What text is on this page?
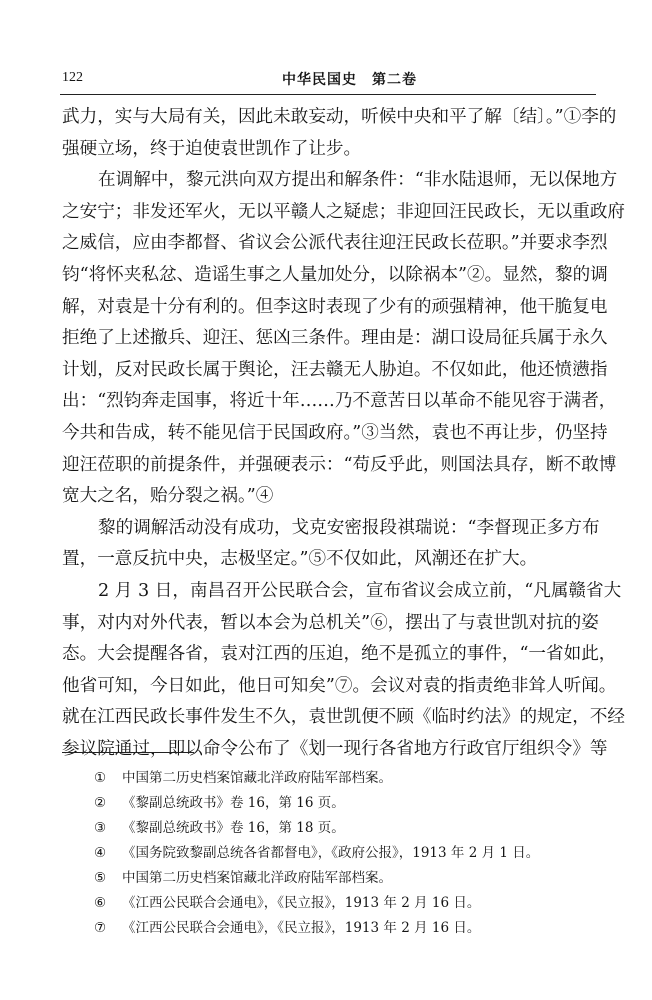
122	中华民国史　第二卷
武力，实与大局有关，因此未敢妄动，听候中央和平了解〔结〕。”①李的
强硬立场，终于迫使袁世凯作了让步。
在调解中，黎元洪向双方提出和解条件：“非水陆退师，无以保地方
之安宁；非发还军火，无以平赣人之疑虑；非迎回汪民政长，无以重政府
之威信，应由李都督、省议会公派代表往迎汪民政长莅职。”并要求李烈
钧“将怀夹私忿、造谣生事之人量加处分，以除祸本”②。显然，黎的调
解，对袁是十分有利的。但李这时表现了少有的顽强精神，他干脆复电
拒绝了上述撤兵、迎汪、惩凶三条件。理由是：湖口设局征兵属于永久
计划，反对民政长属于舆论，汪去赣无人胁迫。不仅如此，他还愤懑指
出：“烈钧奔走国事，将近十年……乃不意苦日以革命不能见容于满者，
今共和告成，转不能见信于民国政府。”③当然，袁也不再让步，仍坚持
迎汪莅职的前提条件，并强硬表示：“苟反乎此，则国法具存，断不敢博
宽大之名，贻分裂之祸。”④
黎的调解活动没有成功，戈克安密报段祺瑞说：“李督现正多方布
置，一意反抗中央，志极坚定。”⑤不仅如此，风潮还在扩大。
2 月 3 日，南昌召开公民联合会，宣布省议会成立前，“凡属赣省大
事，对内对外代表，暂以本会为总机关”⑥，摆出了与袁世凯对抗的姿
态。大会提醒各省，袁对江西的压迫，绝不是孤立的事件，“一省如此，
他省可知，今日如此，他日可知矣”⑦。会议对袁的指责绝非耸人听闻。
就在江西民政长事件发生不久，袁世凯便不顾《临时约法》的规定，不经
参议院通过，即以命令公布了《划一现行各省地方行政官厅组织令》等
① 中国第二历史档案馆藏北洋政府陆军部档案。
② 《黎副总统政书》卷 16，第 16 页。
③ 《黎副总统政书》卷 16，第 18 页。
④ 《国务院致黎副总统各省都督电》，《政府公报》，1913 年 2 月 1 日。
⑤ 中国第二历史档案馆藏北洋政府陆军部档案。
⑥ 《江西公民联合会通电》，《民立报》，1913 年 2 月 16 日。
⑦ 《江西公民联合会通电》，《民立报》，1913 年 2 月 16 日。
